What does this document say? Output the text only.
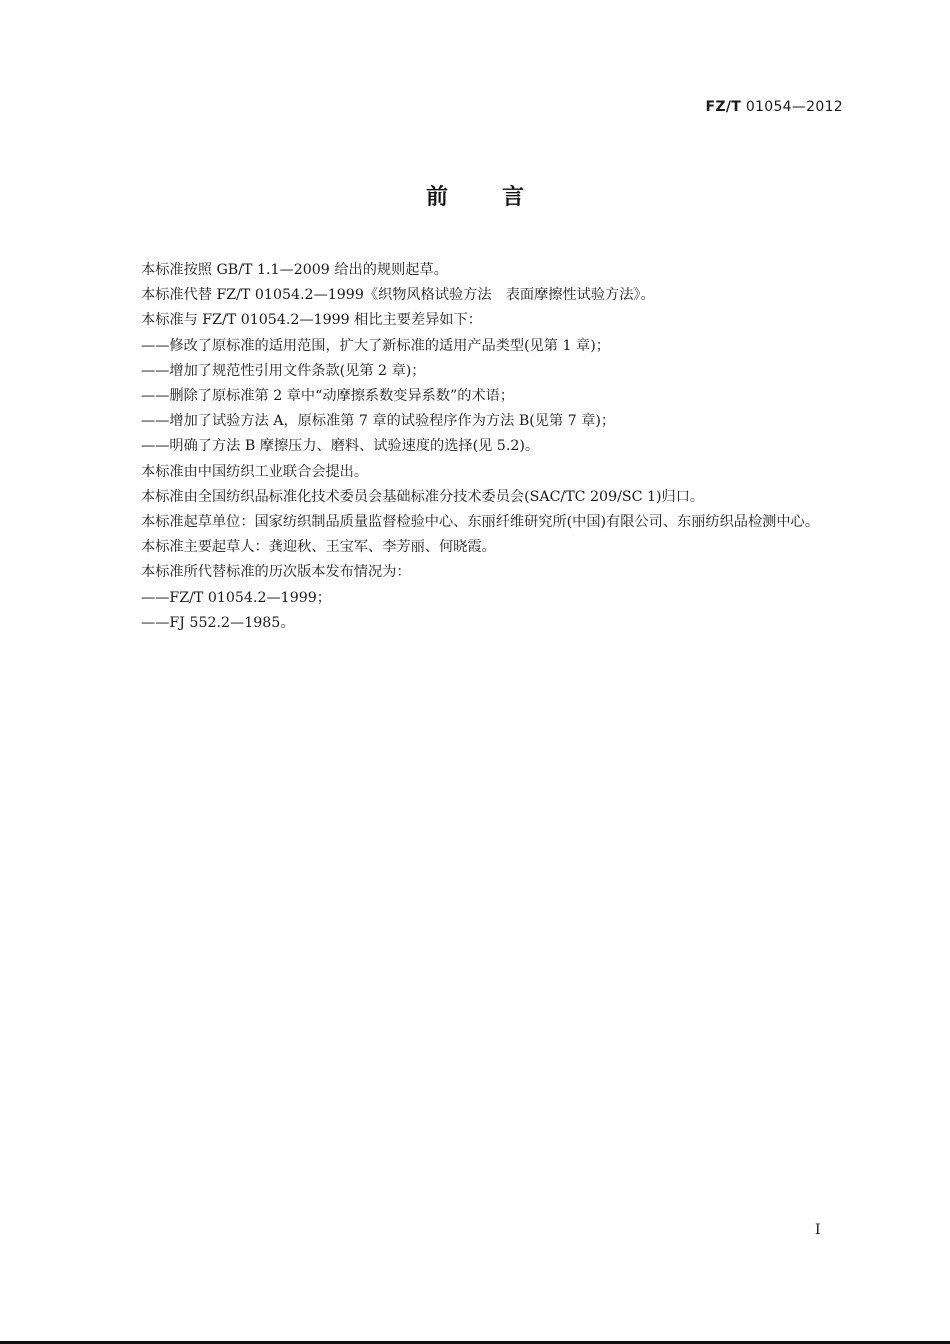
FZ/T 01054—2012
前言

本标准按照 GB/T 1.1—2009 给出的规则起草。

本标准代替 FZ/T 01054.2—1999《织物风格试验方法　表面摩擦性试验方法》。

本标准与 FZ/T 01054.2—1999 相比主要差异如下：

——修改了原标准的适用范围，扩大了新标准的适用产品类型(见第 1 章)；

——增加了规范性引用文件条款(见第 2 章)；

——删除了原标准第 2 章中“动摩擦系数变异系数”的术语；

——增加了试验方法 A，原标准第 7 章的试验程序作为方法 B(见第 7 章)；

——明确了方法 B 摩擦压力、磨料、试验速度的选择(见 5.2)。

本标准由中国纺织工业联合会提出。

本标准由全国纺织品标准化技术委员会基础标准分技术委员会(SAC/TC 209/SC 1)归口。

本标准起草单位：国家纺织制品质量监督检验中心、东丽纤维研究所(中国)有限公司、东丽纺织品检测中心。

本标准主要起草人：龚迎秋、王宝军、李芳丽、何晓霞。

本标准所代替标准的历次版本发布情况为：

——FZ/T 01054.2—1999；

——FJ 552.2—1985。

I
